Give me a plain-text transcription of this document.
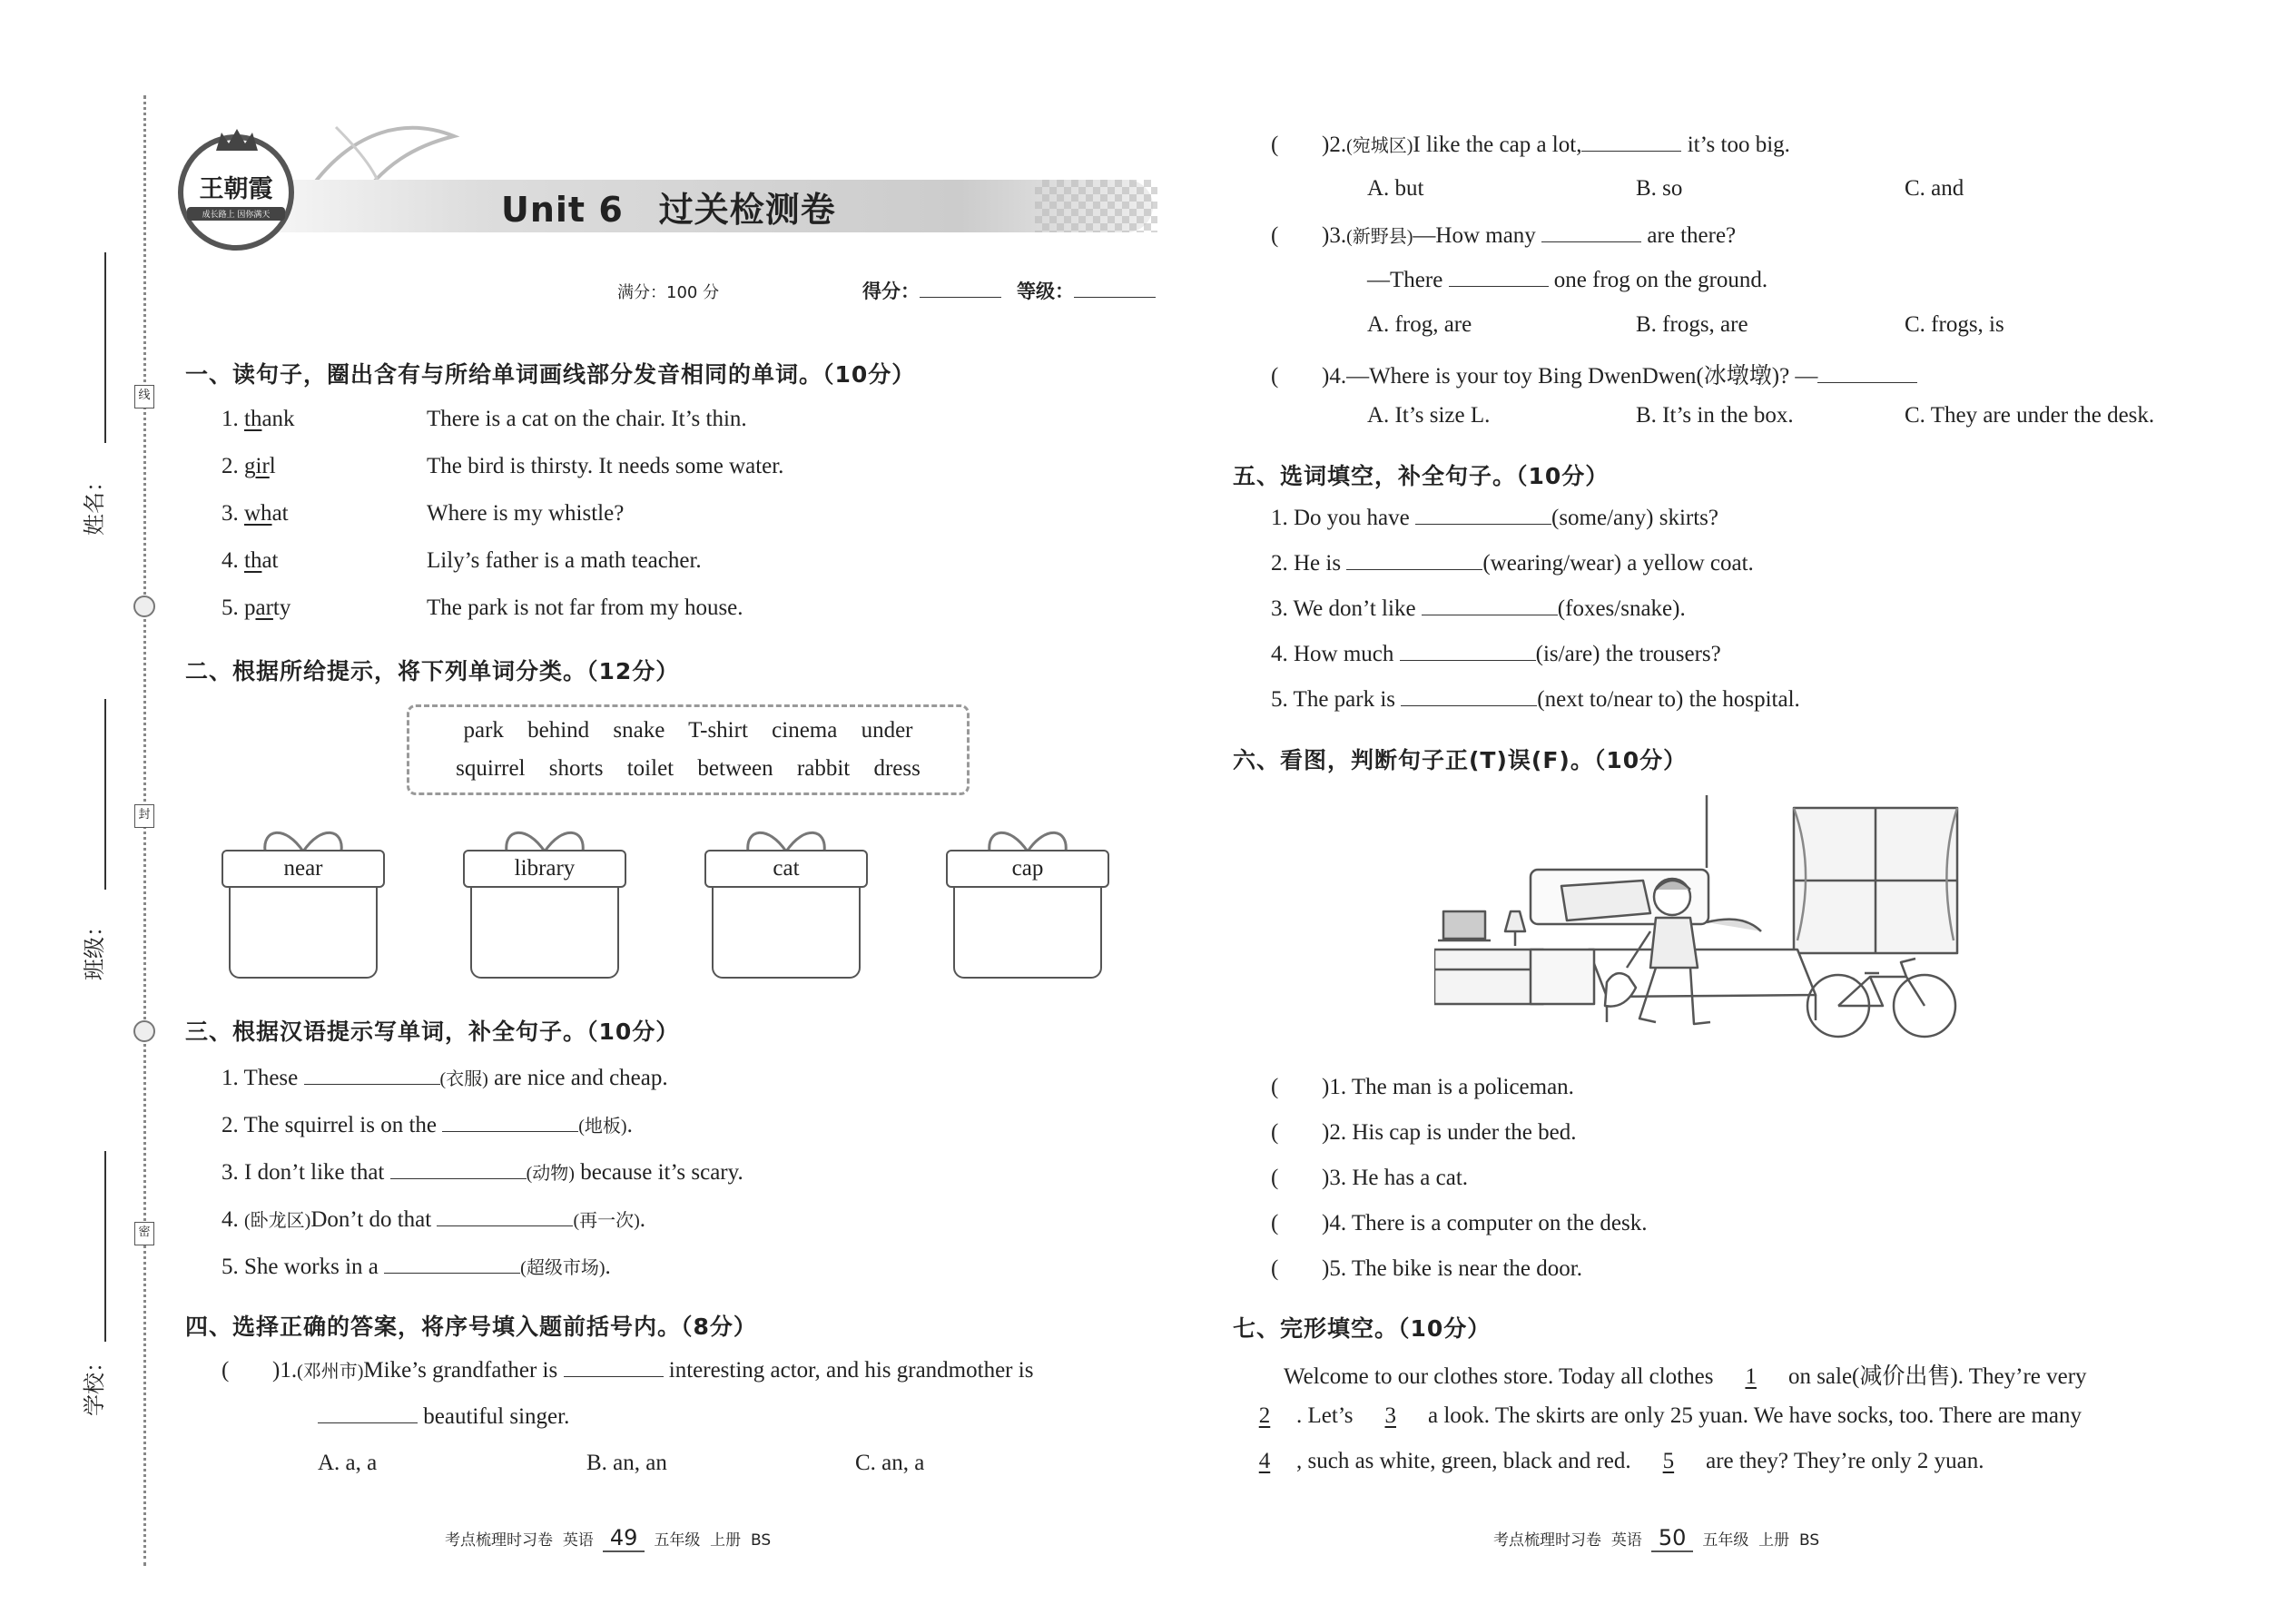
姓名：
班级：
学校：
线
封
密
王朝霞
成长路上 因你满天	Unit 6　过关检测卷
满分：100 分	得分：	等级：
一、读句子，圈出含有与所给单词画线部分发音相同的单词。（10分）
1. thank	There is a cat on the chair. It’s thin.
2. girl	The bird is thirsty. It needs some water.
3. what	Where is my whistle?
4. that	Lily’s father is a math teacher.
5. party	The park is not far from my house.
二、根据所给提示，将下列单词分类。（12分）
park behind snake T-shirt cinema under
squirrel shorts toilet between rabbit dress
near	library	cat	cap
三、根据汉语提示写单词，补全句子。（10分）
1. These	(衣服) are nice and cheap.
2. The squirrel is on the	(地板).
3. I don’t like that	(动物) because it’s scary.
4. (卧龙区)Don’t do that	(再一次).
5. She works in a	(超级市场).
四、选择正确的答案，将序号填入题前括号内。（8分）
( )1.(邓州市)Mike’s grandfather is	interesting actor, and his grandmother is
beautiful singer.
A. a, a	B. an, an	C. an, a
考点梳理时习卷 英语 49 五年级 上册 BS
( )2.(宛城区)I like the cap a lot,	it’s too big.
A. but	B. so	C. and
( )3.(新野县)—How many	are there?
—There	one frog on the ground.
A. frog, are	B. frogs, are	C. frogs, is
( )4.—Where is your toy Bing DwenDwen(冰墩墩)? —
A. It’s size L.	B. It’s in the box.	C. They are under the desk.
五、选词填空，补全句子。（10分）
1. Do you have	(some/any) skirts?
2. He is	(wearing/wear) a yellow coat.
3. We don’t like	(foxes/snake).
4. How much	(is/are) the trousers?
5. The park is	(next to/near to) the hospital.
六、看图，判断句子正(T)误(F)。（10分）
( )1. The man is a policeman.
( )2. His cap is under the bed.
( )3. He has a cat.
( )4. There is a computer on the desk.
( )5. The bike is near the door.
七、完形填空。（10分）
Welcome to our clothes store. Today all clothes 1 on sale(减价出售). They’re very
2 . Let’s 3 a look. The skirts are only 25 yuan. We have socks, too. There are many
4 , such as white, green, black and red. 5 are they? They’re only 2 yuan.
考点梳理时习卷 英语 50 五年级 上册 BS
